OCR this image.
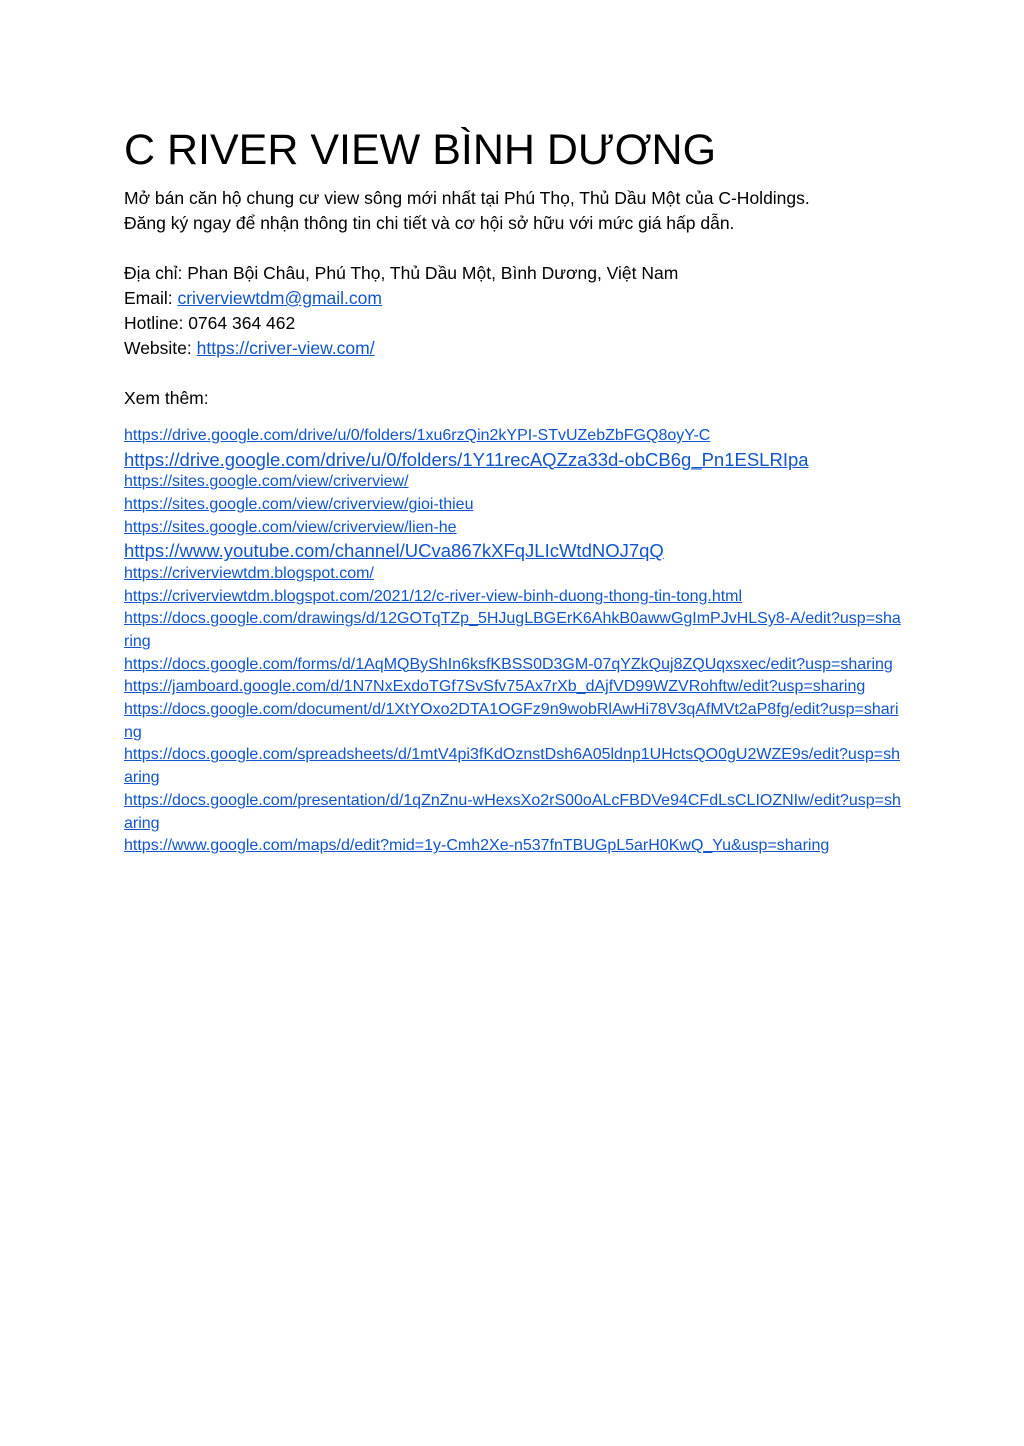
C RIVER VIEW BÌNH DƯƠNG

Mở bán căn hộ chung cư view sông mới nhất tại Phú Thọ, Thủ Dầu Một của C-Holdings.

Đăng ký ngay để nhận thông tin chi tiết và cơ hội sở hữu với mức giá hấp dẫn.

Địa chỉ: Phan Bội Châu, Phú Thọ, Thủ Dầu Một, Bình Dương, Việt Nam

Email: criverviewtdm@gmail.com

Hotline: 0764 364 462

Website: https://criver-view.com/

Xem thêm:

https://drive.google.com/drive/u/0/folders/1xu6rzQin2kYPI-STvUZebZbFGQ8oyY-C
https://drive.google.com/drive/u/0/folders/1Y11recAQZza33d-obCB6g_Pn1ESLRIpa
https://sites.google.com/view/criverview/
https://sites.google.com/view/criverview/gioi-thieu
https://sites.google.com/view/criverview/lien-he
https://www.youtube.com/channel/UCva867kXFqJLIcWtdNOJ7qQ
https://criverviewtdm.blogspot.com/
https://criverviewtdm.blogspot.com/2021/12/c-river-view-binh-duong-thong-tin-tong.html
https://docs.google.com/drawings/d/12GOTqTZp_5HJugLBGErK6AhkB0awwGgImPJvHLSy8-A/edit?usp=sharing
https://docs.google.com/forms/d/1AqMQByShIn6ksfKBSS0D3GM-07qYZkQuj8ZQUqxsxec/edit?usp=sharing
https://jamboard.google.com/d/1N7NxExdoTGf7SvSfv75Ax7rXb_dAjfVD99WZVRohftw/edit?usp=sharing
https://docs.google.com/document/d/1XtYOxo2DTA1OGFz9n9wobRlAwHi78V3qAfMVt2aP8fg/edit?usp=sharing
https://docs.google.com/spreadsheets/d/1mtV4pi3fKdOznstDsh6A05ldnp1UHctsQO0gU2WZE9s/edit?usp=sharing
https://docs.google.com/presentation/d/1qZnZnu-wHexsXo2rS00oALcFBDVe94CFdLsCLIOZNIw/edit?usp=sharing
https://www.google.com/maps/d/edit?mid=1y-Cmh2Xe-n537fnTBUGpL5arH0KwQ_Yu&usp=sharing
